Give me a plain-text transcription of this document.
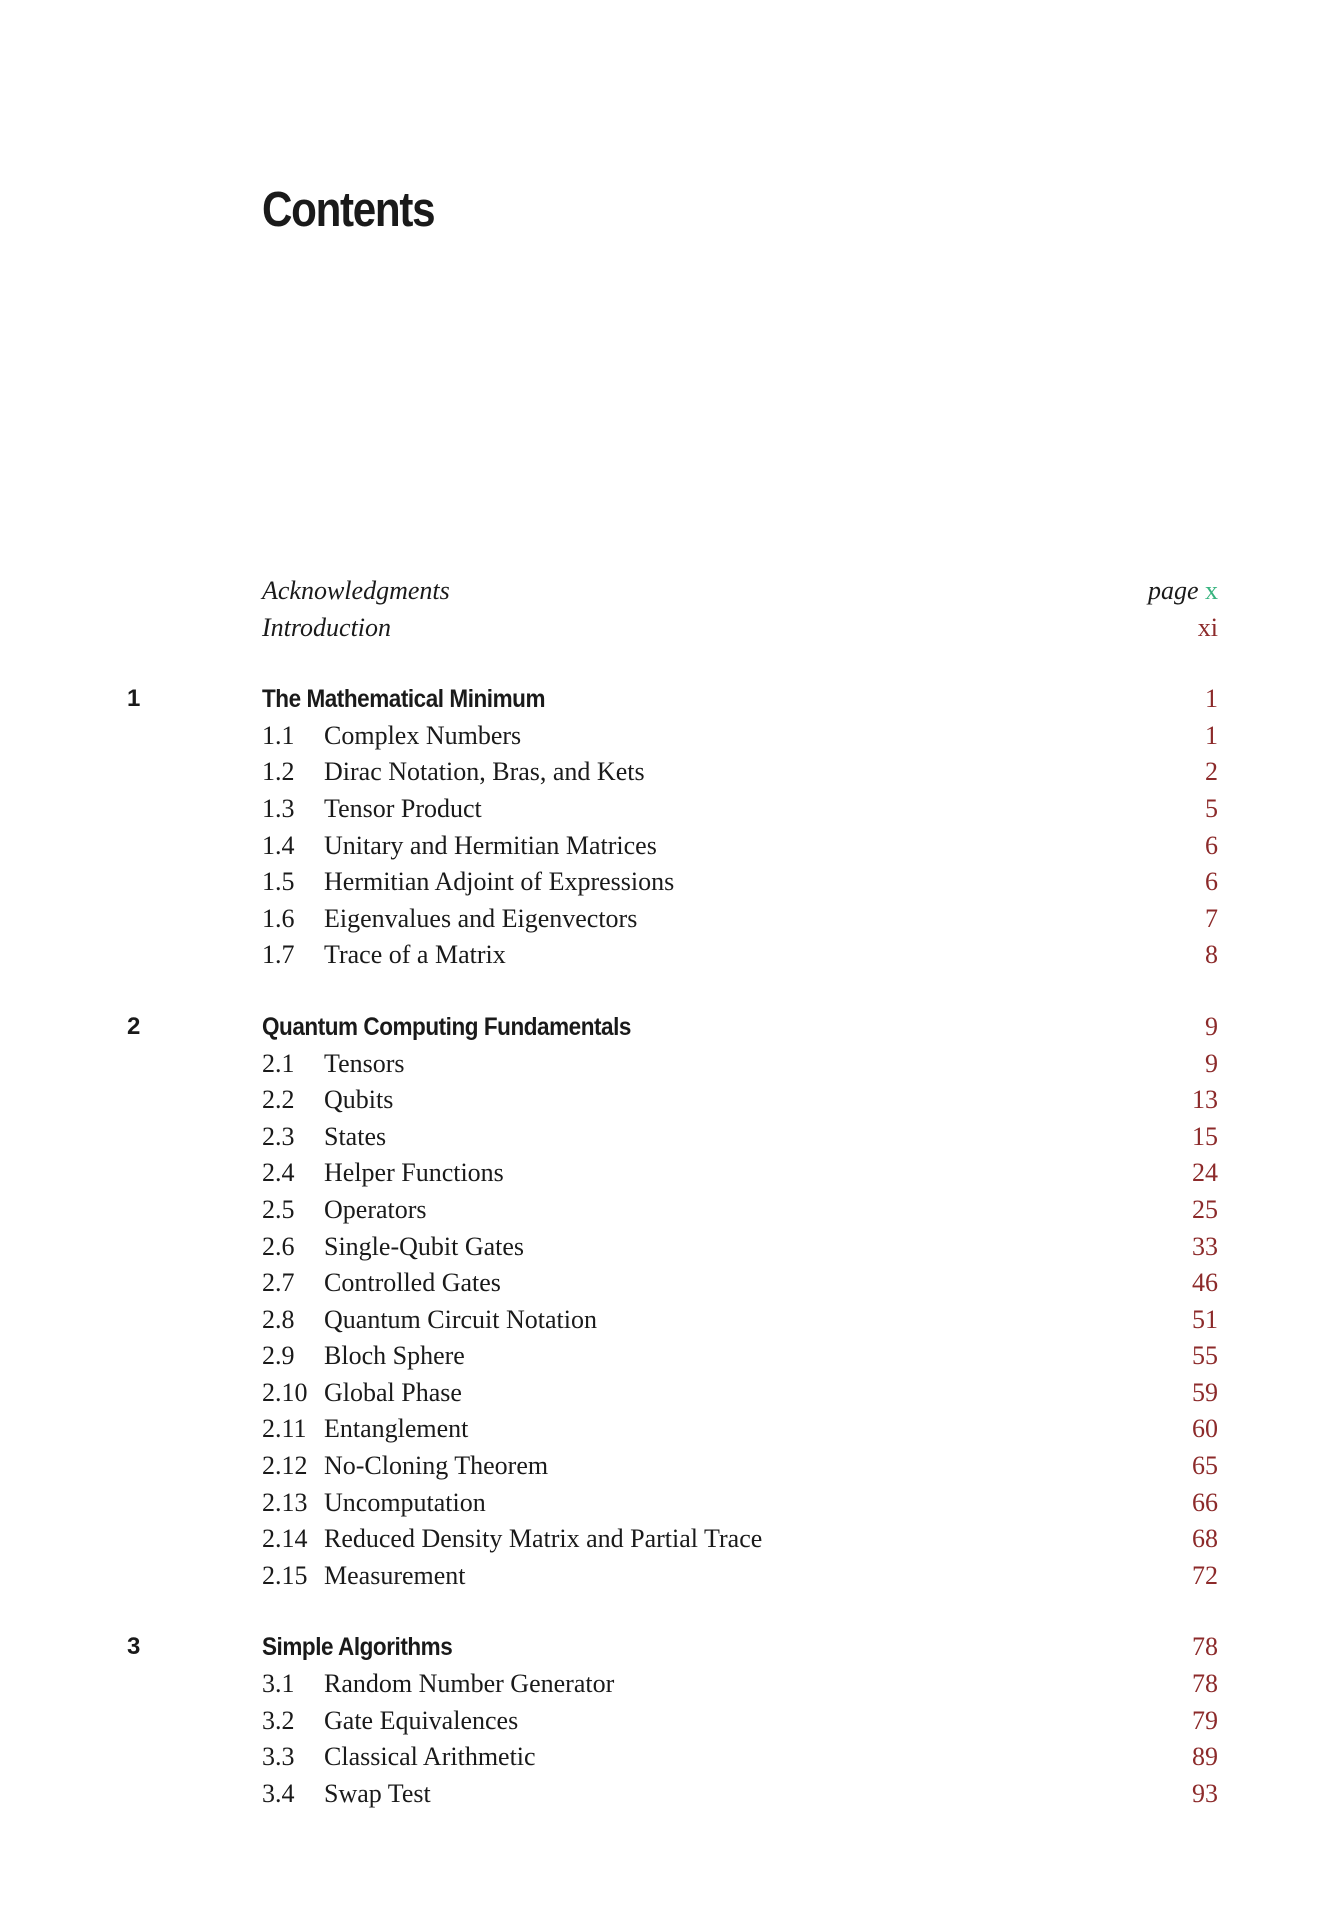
Contents
Acknowledgments	page x
Introduction	xi
1	The Mathematical Minimum	1
1.1 Complex Numbers	1
1.2 Dirac Notation, Bras, and Kets	2
1.3 Tensor Product	5
1.4 Unitary and Hermitian Matrices	6
1.5 Hermitian Adjoint of Expressions	6
1.6 Eigenvalues and Eigenvectors	7
1.7 Trace of a Matrix	8
2	Quantum Computing Fundamentals	9
2.1 Tensors	9
2.2 Qubits	13
2.3 States	15
2.4 Helper Functions	24
2.5 Operators	25
2.6 Single-Qubit Gates	33
2.7 Controlled Gates	46
2.8 Quantum Circuit Notation	51
2.9 Bloch Sphere	55
2.10 Global Phase	59
2.11 Entanglement	60
2.12 No-Cloning Theorem	65
2.13 Uncomputation	66
2.14 Reduced Density Matrix and Partial Trace	68
2.15 Measurement	72
3	Simple Algorithms	78
3.1 Random Number Generator	78
3.2 Gate Equivalences	79
3.3 Classical Arithmetic	89
3.4 Swap Test	93
